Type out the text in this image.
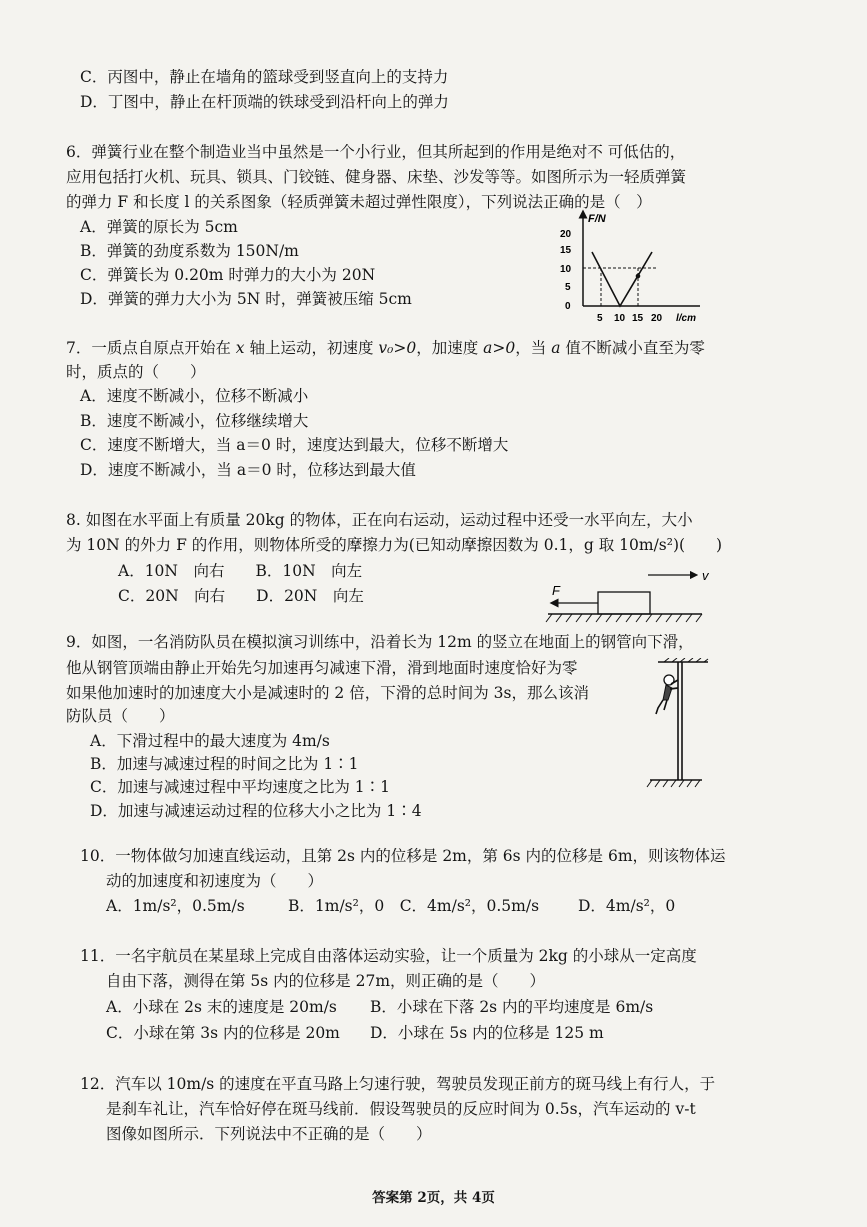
C．丙图中，静止在墙角的篮球受到竖直向上的支持力
D．丁图中，静止在杆顶端的铁球受到沿杆向上的弹力
6．弹簧行业在整个制造业当中虽然是一个小行业，但其所起到的作用是绝对不 可低估的，
应用包括打火机、玩具、锁具、门铰链、健身器、床垫、沙发等等。如图所示为一轻质弹簧
的弹力 F 和长度 l 的关系图象（轻质弹簧未超过弹性限度），下列说法正确的是（　）
A．弹簧的原长为 5cm
B．弹簧的劲度系数为 150N/m
C．弹簧长为 0.20m 时弹力的大小为 20N
D．弹簧的弹力大小为 5N 时，弹簧被压缩 5cm
F/N
20
15
10
5
0
5 10 15 20 l/cm
7．一质点自原点开始在 x 轴上运动，初速度 v₀>0，加速度 a>0，当 a 值不断减小直至为零
时，质点的（　　）
A．速度不断减小，位移不断减小
B．速度不断减小，位移继续增大
C．速度不断增大，当 a＝0 时，速度达到最大，位移不断增大
D．速度不断减小，当 a＝0 时，位移达到最大值
8. 如图在水平面上有质量 20kg 的物体，正在向右运动，运动过程中还受一水平向左，大小
为 10N 的外力 F 的作用，则物体所受的摩擦力为(已知动摩擦因数为 0.1，g 取 10m/s²)(　　)
A．10N　向右　　B．10N　向左
C．20N　向右　　D．20N　向左
v
F
9．如图，一名消防队员在模拟演习训练中，沿着长为 12m 的竖立在地面上的钢管向下滑，
他从钢管顶端由静止开始先匀加速再匀减速下滑，滑到地面时速度恰好为零
如果他加速时的加速度大小是减速时的 2 倍，下滑的总时间为 3s，那么该消
防队员（　　）
A．下滑过程中的最大速度为 4m/s
B．加速与减速过程的时间之比为 1∶1
C．加速与减速过程中平均速度之比为 1∶1
D．加速与减速运动过程的位移大小之比为 1∶4
10．一物体做匀加速直线运动，且第 2s 内的位移是 2m，第 6s 内的位移是 6m，则该物体运
动的加速度和初速度为（　　）
A．1m/s²，0.5m/s	B．1m/s²，0　C．4m/s²，0.5m/s	D．4m/s²，0
11．一名宇航员在某星球上完成自由落体运动实验，让一个质量为 2kg 的小球从一定高度
自由下落，测得在第 5s 内的位移是 27m，则正确的是（　　）
A．小球在 2s 末的速度是 20m/s B．小球在下落 2s 内的平均速度是 6m/s
C．小球在第 3s 内的位移是 20m D．小球在 5s 内的位移是 125 m
12．汽车以 10m/s 的速度在平直马路上匀速行驶，驾驶员发现正前方的斑马线上有行人，于
是刹车礼让，汽车恰好停在斑马线前．假设驾驶员的反应时间为 0.5s，汽车运动的 v-t
图像如图所示．下列说法中不正确的是（　　）
答案第 2页，共 4页
